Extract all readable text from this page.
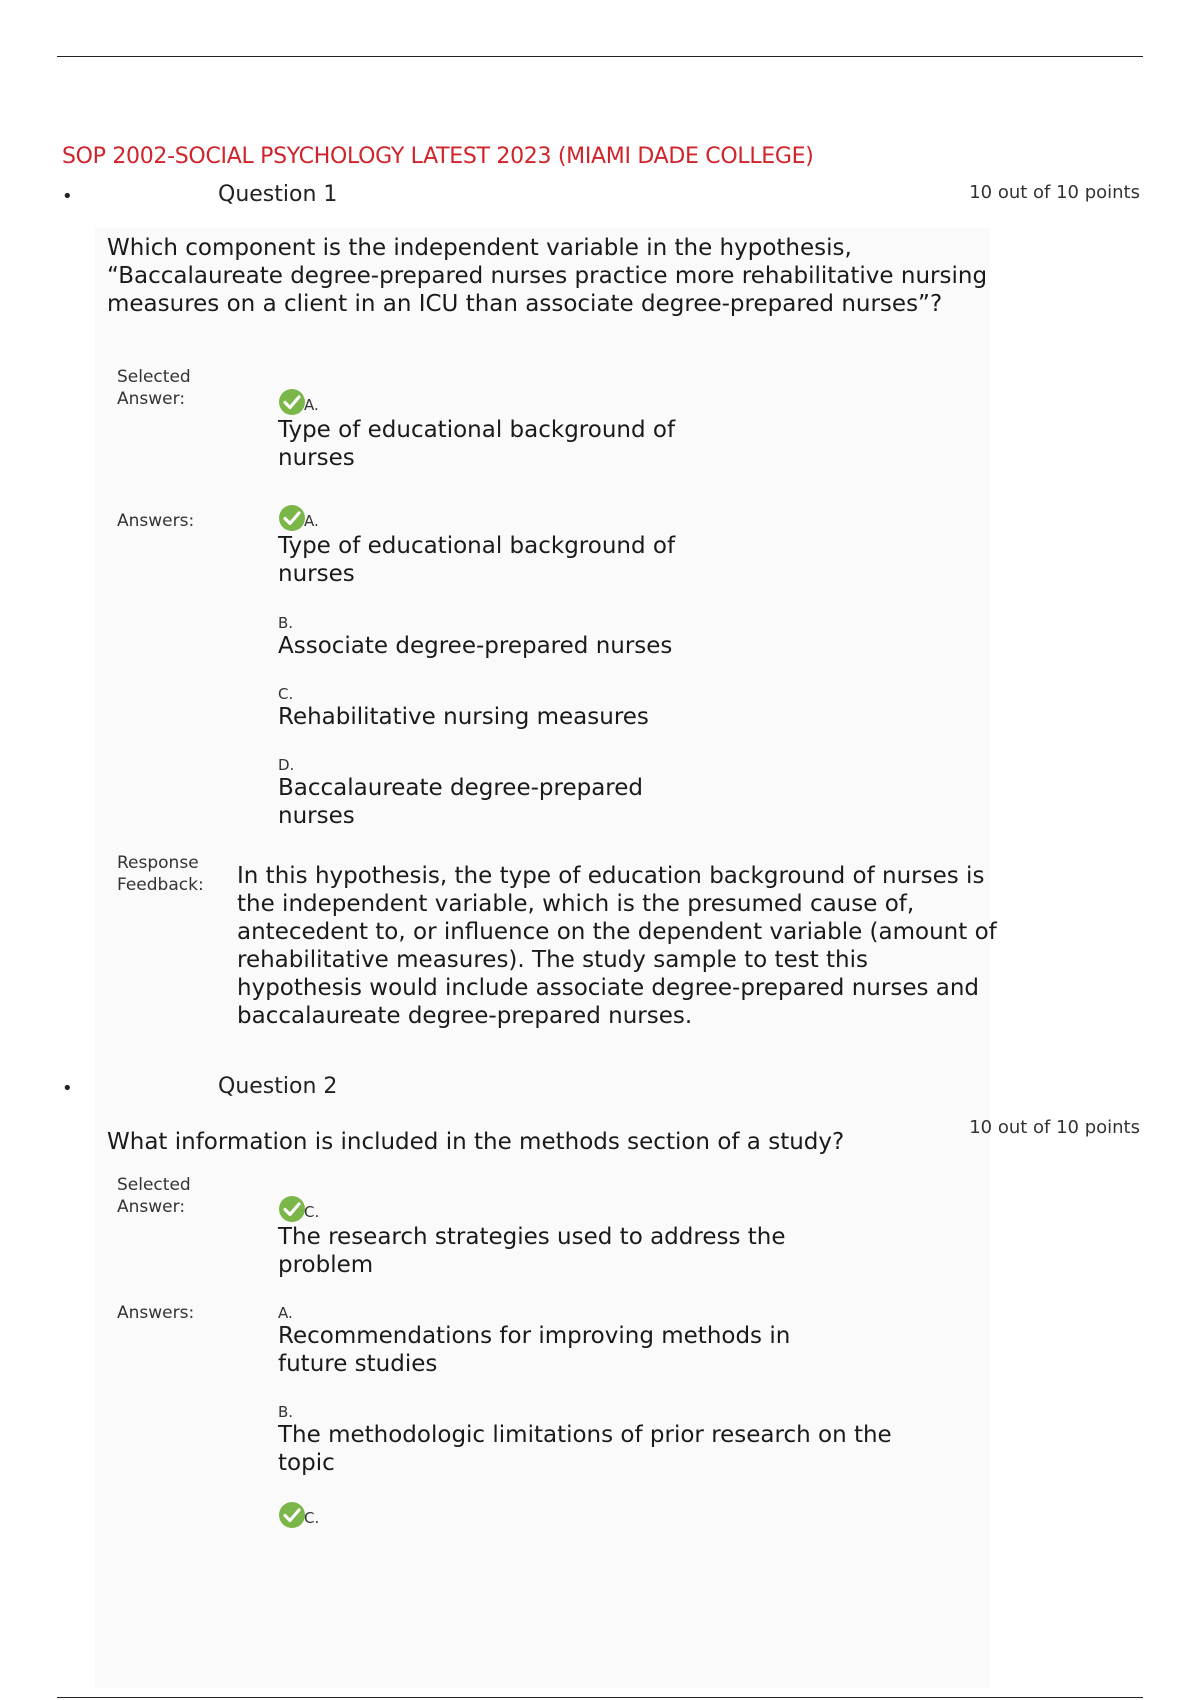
SOP 2002-SOCIAL PSYCHOLOGY LATEST 2023 (MIAMI DADE COLLEGE)
•	Question 1	10 out of 10 points
Which component is the independent variable in the hypothesis, “Baccalaureate degree-prepared nurses practice more rehabilitative nursing measures on a client in an ICU than associate degree-prepared nurses”?
Selected
Answer:	A.
Type of educational background of nurses
Answers:	A.
Type of educational background of nurses
B.
Associate degree-prepared nurses
C.
Rehabilitative nursing measures
D.
Baccalaureate degree-prepared nurses
Response
Feedback: In this hypothesis, the type of education background of nurses is the independent variable, which is the presumed cause of, antecedent to, or influence on the dependent variable (amount of rehabilitative measures). The study sample to test this hypothesis would include associate degree-prepared nurses and baccalaureate degree-prepared nurses.
•	Question 2
10 out of 10 points
What information is included in the methods section of a study?
Selected
Answer:	C.
The research strategies used to address the problem
Answers:	A.
Recommendations for improving methods in future studies
B.
The methodologic limitations of prior research on the topic
C.
